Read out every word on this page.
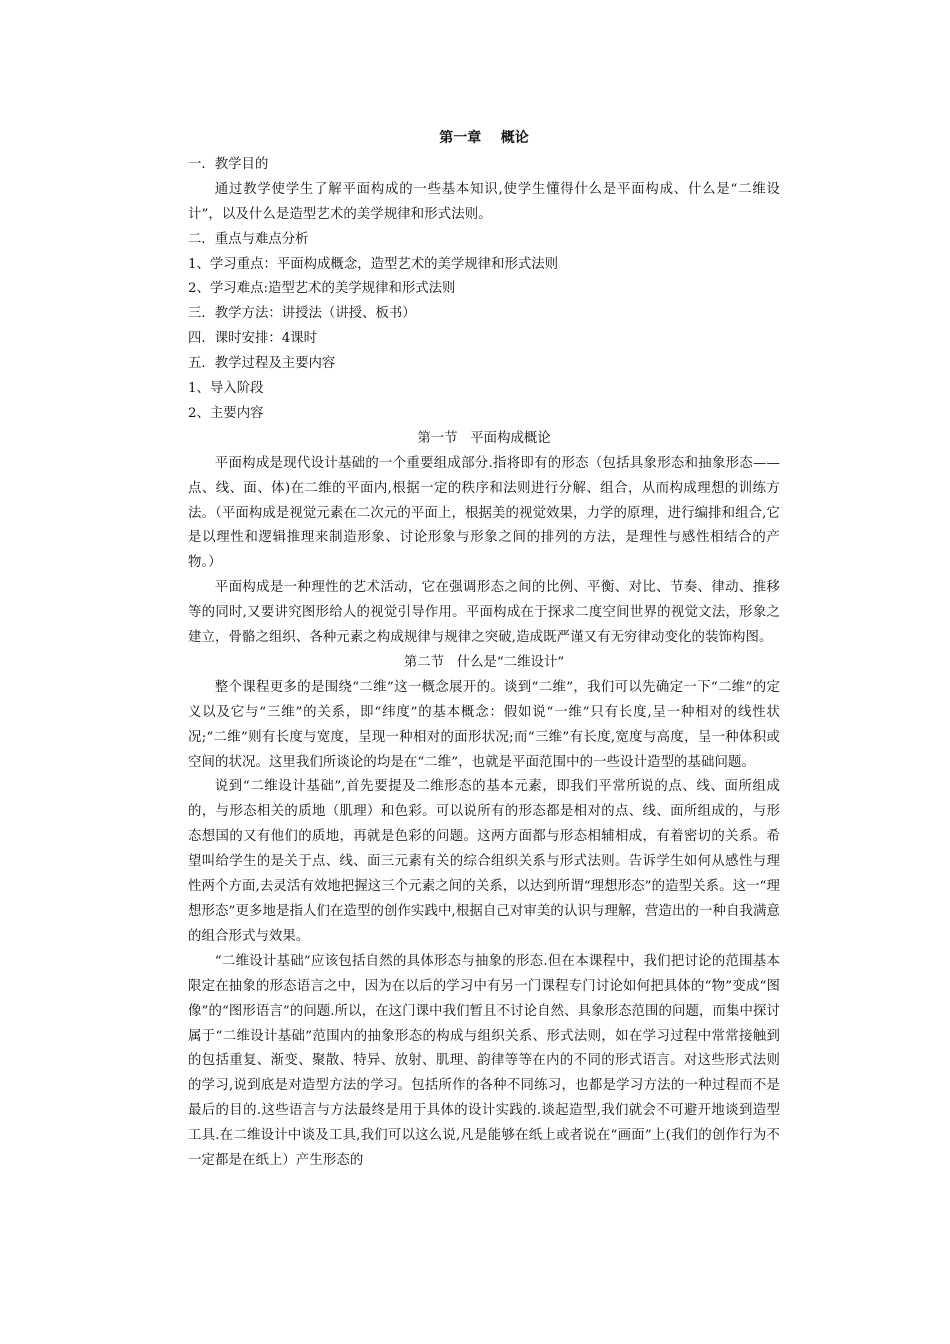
第一章    概论
一．教学目的

通过教学使学生了解平面构成的一些基本知识,使学生懂得什么是平面构成、什么是“二维设计”，以及什么是造型艺术的美学规律和形式法则。

二．重点与难点分析
1、学习重点：平面构成概念，造型艺术的美学规律和形式法则
2、学习难点:造型艺术的美学规律和形式法则
三．教学方法：讲授法（讲授、板书）
四．课时安排：4课时
五．教学过程及主要内容
1、导入阶段
2、主要内容
第一节   平面构成概论

平面构成是现代设计基础的一个重要组成部分.指将即有的形态（包括具象形态和抽象形态——点、线、面、体)在二维的平面内,根据一定的秩序和法则进行分解、组合，从而构成理想的训练方法。（平面构成是视觉元素在二次元的平面上，根据美的视觉效果，力学的原理，进行编排和组合,它是以理性和逻辑推理来制造形象、讨论形象与形象之间的排列的方法，是理性与感性相结合的产物。）

平面构成是一种理性的艺术活动，它在强调形态之间的比例、平衡、对比、节奏、律动、推移等的同时,又要讲究图形给人的视觉引导作用。平面构成在于探求二度空间世界的视觉文法，形象之建立，骨骼之组织、各种元素之构成规律与规律之突破,造成既严谨又有无穷律动变化的装饰构图。

第二节   什么是“二维设计”

整个课程更多的是围绕“二维”这一概念展开的。谈到“二维”，我们可以先确定一下“二维”的定义以及它与“三维”的关系，即“纬度”的基本概念：假如说“一维”只有长度,呈一种相对的线性状况;“二维”则有长度与宽度，呈现一种相对的面形状况;而“三维”有长度,宽度与高度，呈一种体积或空间的状况。这里我们所谈论的均是在“二维”，也就是平面范围中的一些设计造型的基础问题。

说到“二维设计基础”,首先要提及二维形态的基本元素，即我们平常所说的点、线、面所组成的，与形态相关的质地（肌理）和色彩。可以说所有的形态都是相对的点、线、面所组成的，与形态想国的又有他们的质地，再就是色彩的问题。这两方面都与形态相辅相成，有着密切的关系。希望叫给学生的是关于点、线、面三元素有关的综合组织关系与形式法则。告诉学生如何从感性与理性两个方面,去灵活有效地把握这三个元素之间的关系，以达到所谓“理想形态”的造型关系。这一“理想形态”更多地是指人们在造型的创作实践中,根据自己对审美的认识与理解，营造出的一种自我满意的组合形式与效果。

“二维设计基础”应该包括自然的具体形态与抽象的形态.但在本课程中，我们把讨论的范围基本限定在抽象的形态语言之中，因为在以后的学习中有另一门课程专门讨论如何把具体的“物”变成“图像”的“图形语言”的问题.所以，在这门课中我们暂且不讨论自然、具象形态范围的问题，而集中探讨属于“二维设计基础”范围内的抽象形态的构成与组织关系、形式法则，如在学习过程中常常接触到的包括重复、渐变、聚散、特异、放射、肌理、韵律等等在内的不同的形式语言。对这些形式法则的学习,说到底是对造型方法的学习。包括所作的各种不同练习，也都是学习方法的一种过程而不是最后的目的.这些语言与方法最终是用于具体的设计实践的.谈起造型,我们就会不可避开地谈到造型工具.在二维设计中谈及工具,我们可以这么说,凡是能够在纸上或者说在“画面”上(我们的创作行为不一定都是在纸上）产生形态的
